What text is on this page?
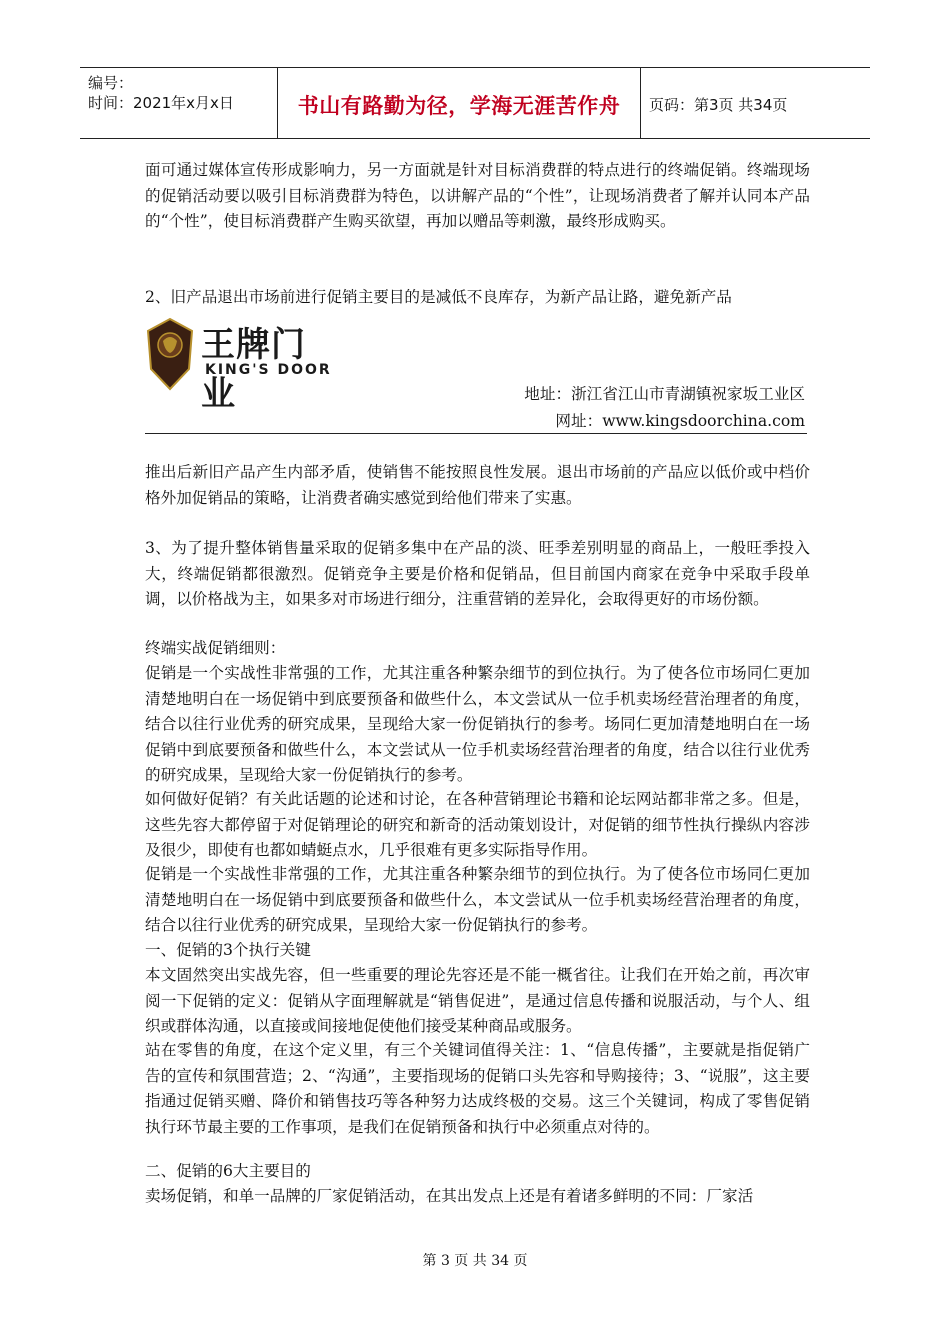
编号：
时间：2021年x月x日	书山有路勤为径，学海无涯苦作舟	页码：第3页 共34页
面可通过媒体宣传形成影响力，另一方面就是针对目标消费群的特点进行的终端促销。终端现场的促销活动要以吸引目标消费群为特色，以讲解产品的“个性”，让现场消费者了解并认同本产品的“个性”，使目标消费群产生购买欲望，再加以赠品等刺激，最终形成购买。
2、旧产品退出市场前进行促销主要目的是减低不良库存，为新产品让路，避免新产品
王牌门业
KING'S DOOR
地址：浙江省江山市青湖镇祝家坂工业区
网址：www.kingsdoorchina.com
推出后新旧产品产生内部矛盾，使销售不能按照良性发展。退出市场前的产品应以低价或中档价格外加促销品的策略，让消费者确实感觉到给他们带来了实惠。
3、为了提升整体销售量采取的促销多集中在产品的淡、旺季差别明显的商品上，一般旺季投入大，终端促销都很激烈。促销竞争主要是价格和促销品，但目前国内商家在竞争中采取手段单调，以价格战为主，如果多对市场进行细分，注重营销的差异化，会取得更好的市场份额。
终端实战促销细则：
促销是一个实战性非常强的工作，尤其注重各种繁杂细节的到位执行。为了使各位市场同仁更加清楚地明白在一场促销中到底要预备和做些什么，本文尝试从一位手机卖场经营治理者的角度，结合以往行业优秀的研究成果，呈现给大家一份促销执行的参考。场同仁更加清楚地明白在一场促销中到底要预备和做些什么，本文尝试从一位手机卖场经营治理者的角度，结合以往行业优秀的研究成果，呈现给大家一份促销执行的参考。
如何做好促销？有关此话题的论述和讨论，在各种营销理论书籍和论坛网站都非常之多。但是，这些先容大都停留于对促销理论的研究和新奇的活动策划设计，对促销的细节性执行操纵内容涉及很少，即使有也都如蜻蜓点水，几乎很难有更多实际指导作用。
促销是一个实战性非常强的工作，尤其注重各种繁杂细节的到位执行。为了使各位市场同仁更加清楚地明白在一场促销中到底要预备和做些什么，本文尝试从一位手机卖场经营治理者的角度，结合以往行业优秀的研究成果，呈现给大家一份促销执行的参考。
一、促销的3个执行关键
本文固然突出实战先容，但一些重要的理论先容还是不能一概省往。让我们在开始之前，再次审阅一下促销的定义：促销从字面理解就是“销售促进”，是通过信息传播和说服活动，与个人、组织或群体沟通，以直接或间接地促使他们接受某种商品或服务。
站在零售的角度，在这个定义里，有三个关键词值得关注：1、“信息传播”，主要就是指促销广告的宣传和氛围营造；2、“沟通”，主要指现场的促销口头先容和导购接待；3、“说服”，这主要指通过促销买赠、降价和销售技巧等各种努力达成终极的交易。这三个关键词，构成了零售促销执行环节最主要的工作事项，是我们在促销预备和执行中必须重点对待的。
二、促销的6大主要目的
卖场促销，和单一品牌的厂家促销活动，在其出发点上还是有着诸多鲜明的不同：厂家活
第 3 页 共 34 页
